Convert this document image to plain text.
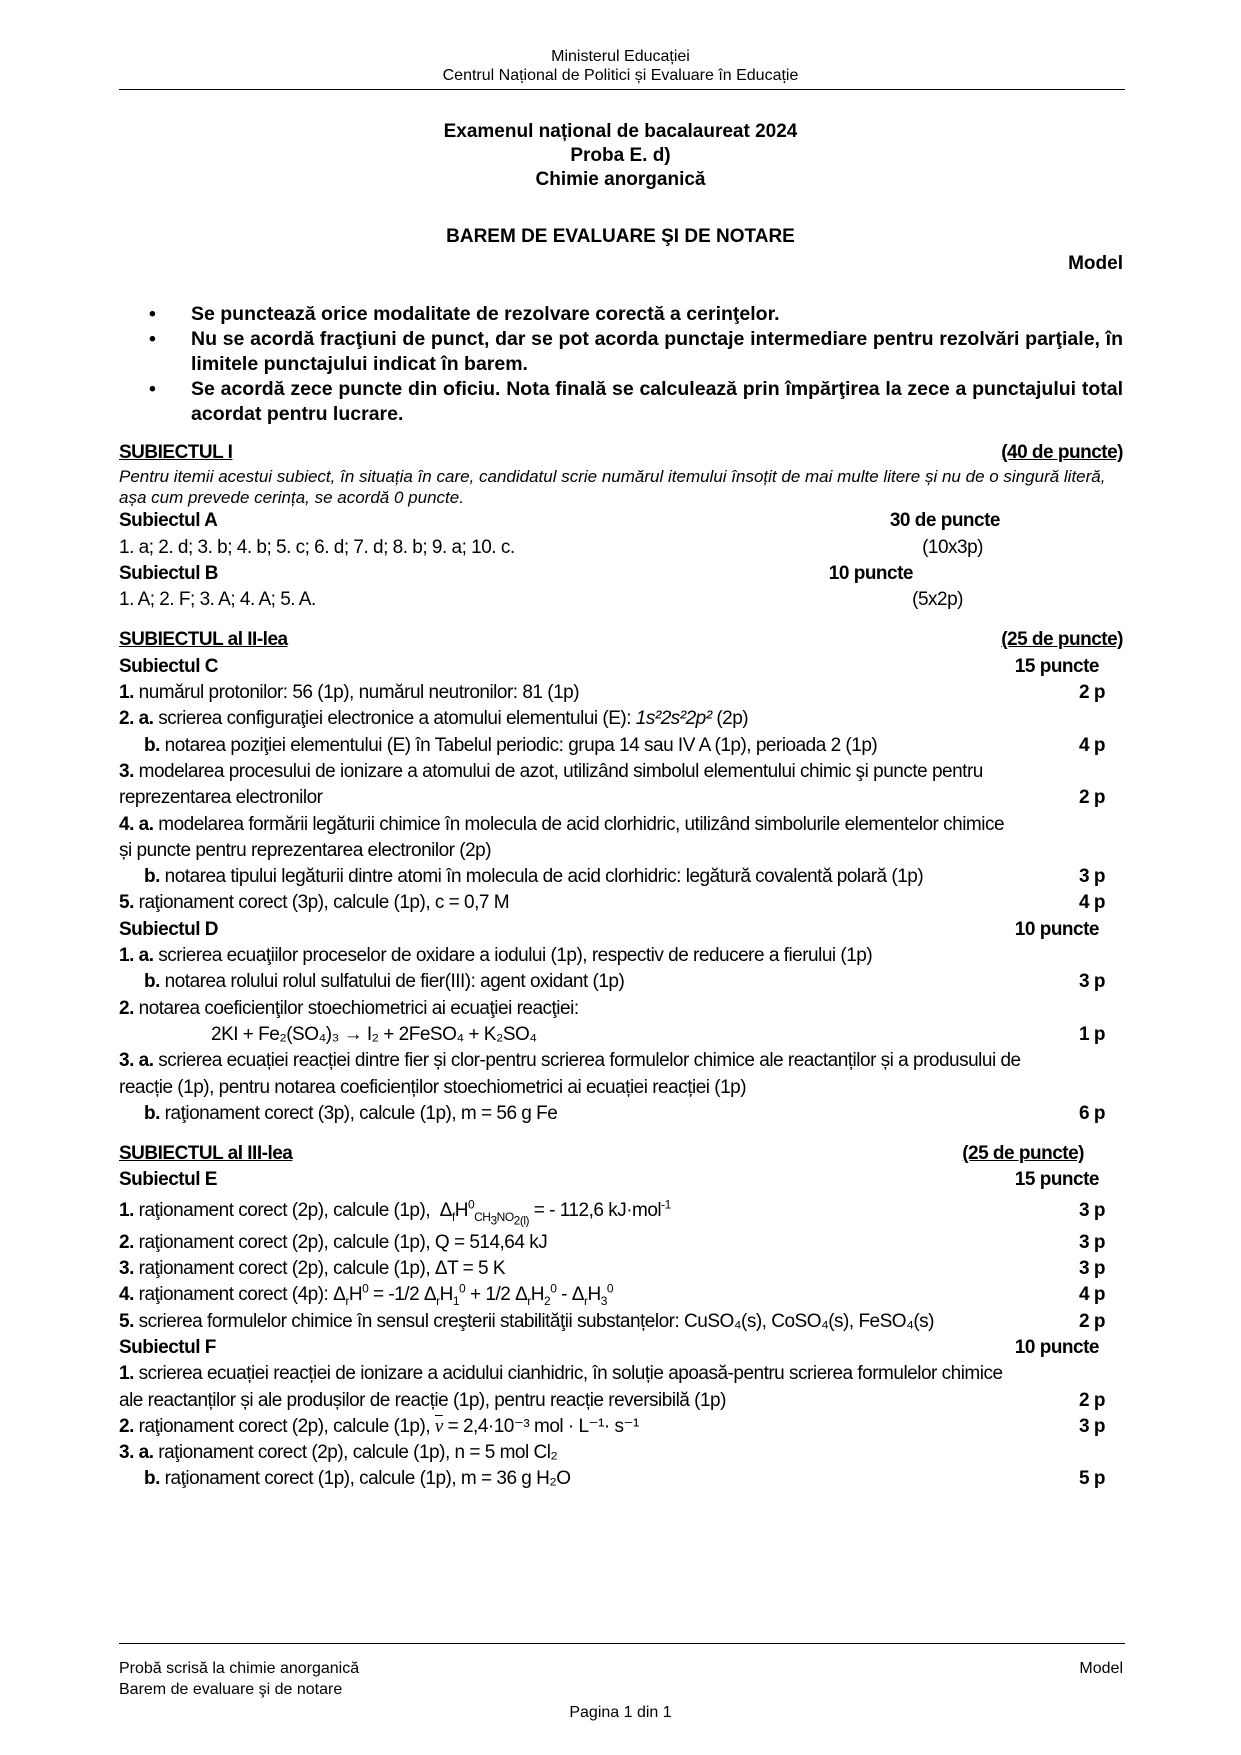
Ministerul Educației
Centrul Național de Politici și Evaluare în Educație
Examenul național de bacalaureat 2024
Proba E. d)
Chimie anorganică
BAREM DE EVALUARE ŞI DE NOTARE
Model
• Se punctează orice modalitate de rezolvare corectă a cerinţelor.
• Nu se acordă fracţiuni de punct, dar se pot acorda punctaje intermediare pentru rezolvări parţiale, în limitele punctajului indicat în barem.
• Se acordă zece puncte din oficiu. Nota finală se calculează prin împărţirea la zece a punctajului total acordat pentru lucrare.
SUBIECTUL I	(40 de puncte)
Pentru itemii acestui subiect, în situația în care, candidatul scrie numărul itemului însoțit de mai multe litere și nu de o singură literă, așa cum prevede cerința, se acordă 0 puncte.
Subiectul A	30 de puncte
1. a; 2. d; 3. b; 4. b; 5. c; 6. d; 7. d; 8. b; 9. a; 10. c.	(10x3p)
Subiectul B	10 puncte
1. A; 2. F; 3. A; 4. A; 5. A.	(5x2p)
SUBIECTUL al II-lea	(25 de puncte)
Subiectul C	15 puncte
1. numărul protonilor: 56 (1p), numărul neutronilor: 81 (1p)	2 p
2. a. scrierea configuraţiei electronice a atomului elementului (E): 1s²2s²2p² (2p)
b. notarea poziţiei elementului (E) în Tabelul periodic: grupa 14 sau IV A (1p), perioada 2 (1p)	4 p
3. modelarea procesului de ionizare a atomului de azot, utilizând simbolul elementului chimic şi puncte pentru
reprezentarea electronilor	2 p
4. a. modelarea formării legăturii chimice în molecula de acid clorhidric, utilizând simbolurile elementelor chimice
și puncte pentru reprezentarea electronilor (2p)
b. notarea tipului legăturii dintre atomi în molecula de acid clorhidric: legătură covalentă polară (1p)	3 p
5. raţionament corect (3p), calcule (1p), c = 0,7 M	4 p
Subiectul D	10 puncte
1. a. scrierea ecuaţiilor proceselor de oxidare a iodului (1p), respectiv de reducere a fierului (1p)
b. notarea rolului rolul sulfatului de fier(III): agent oxidant (1p)	3 p
2. notarea coeficienţilor stoechiometrici ai ecuaţiei reacţiei:
2KI + Fe₂(SO₄)₃ → I₂ + 2FeSO₄ + K₂SO₄	1 p
3. a. scrierea ecuației reacției dintre fier și clor-pentru scrierea formulelor chimice ale reactanților și a produsului de
reacție (1p), pentru notarea coeficienților stoechiometrici ai ecuației reacției (1p)
b. raţionament corect (3p), calcule (1p), m = 56 g Fe	6 p
SUBIECTUL al III-lea	(25 de puncte)
Subiectul E	15 puncte
1. raţionament corect (2p), calcule (1p),  $\Delta_fH^0_{CH_3NO_{2(l)}}$ = - 112,6 kJ·mol$^{-1}$	3 p
2. raţionament corect (2p), calcule (1p), Q = 514,64 kJ	3 p
3. raţionament corect (2p), calcule (1p), ΔT = 5 K	3 p
4. raţionament corect (4p): $\Delta_rH^0 = -1/2$ $\Delta_rH_1^0 + 1/2$ $\Delta_rH_2^0 - \Delta_rH_3^0$	4 p
5. scrierea formulelor chimice în sensul creşterii stabilităţii substanțelor: CuSO₄(s), CoSO₄(s), FeSO₄(s)	2 p
Subiectul F	10 puncte
1. scrierea ecuației reacției de ionizare a acidului cianhidric, în soluție apoasă-pentru scrierea formulelor chimice
ale reactanților și ale produșilor de reacție (1p), pentru reacție reversibilă (1p)	2 p
2. raţionament corect (2p), calcule (1p), $\overline{v} = 2,4\cdot 10^{-3}$ mol · L⁻¹· s⁻¹	3 p
3. a. raţionament corect (2p), calcule (1p), n = 5 mol Cl₂
b. raţionament corect (1p), calcule (1p), m = 36 g H₂O	5 p
Probă scrisă la chimie anorganică
Barem de evaluare şi de notare
Model
Pagina 1 din 1
